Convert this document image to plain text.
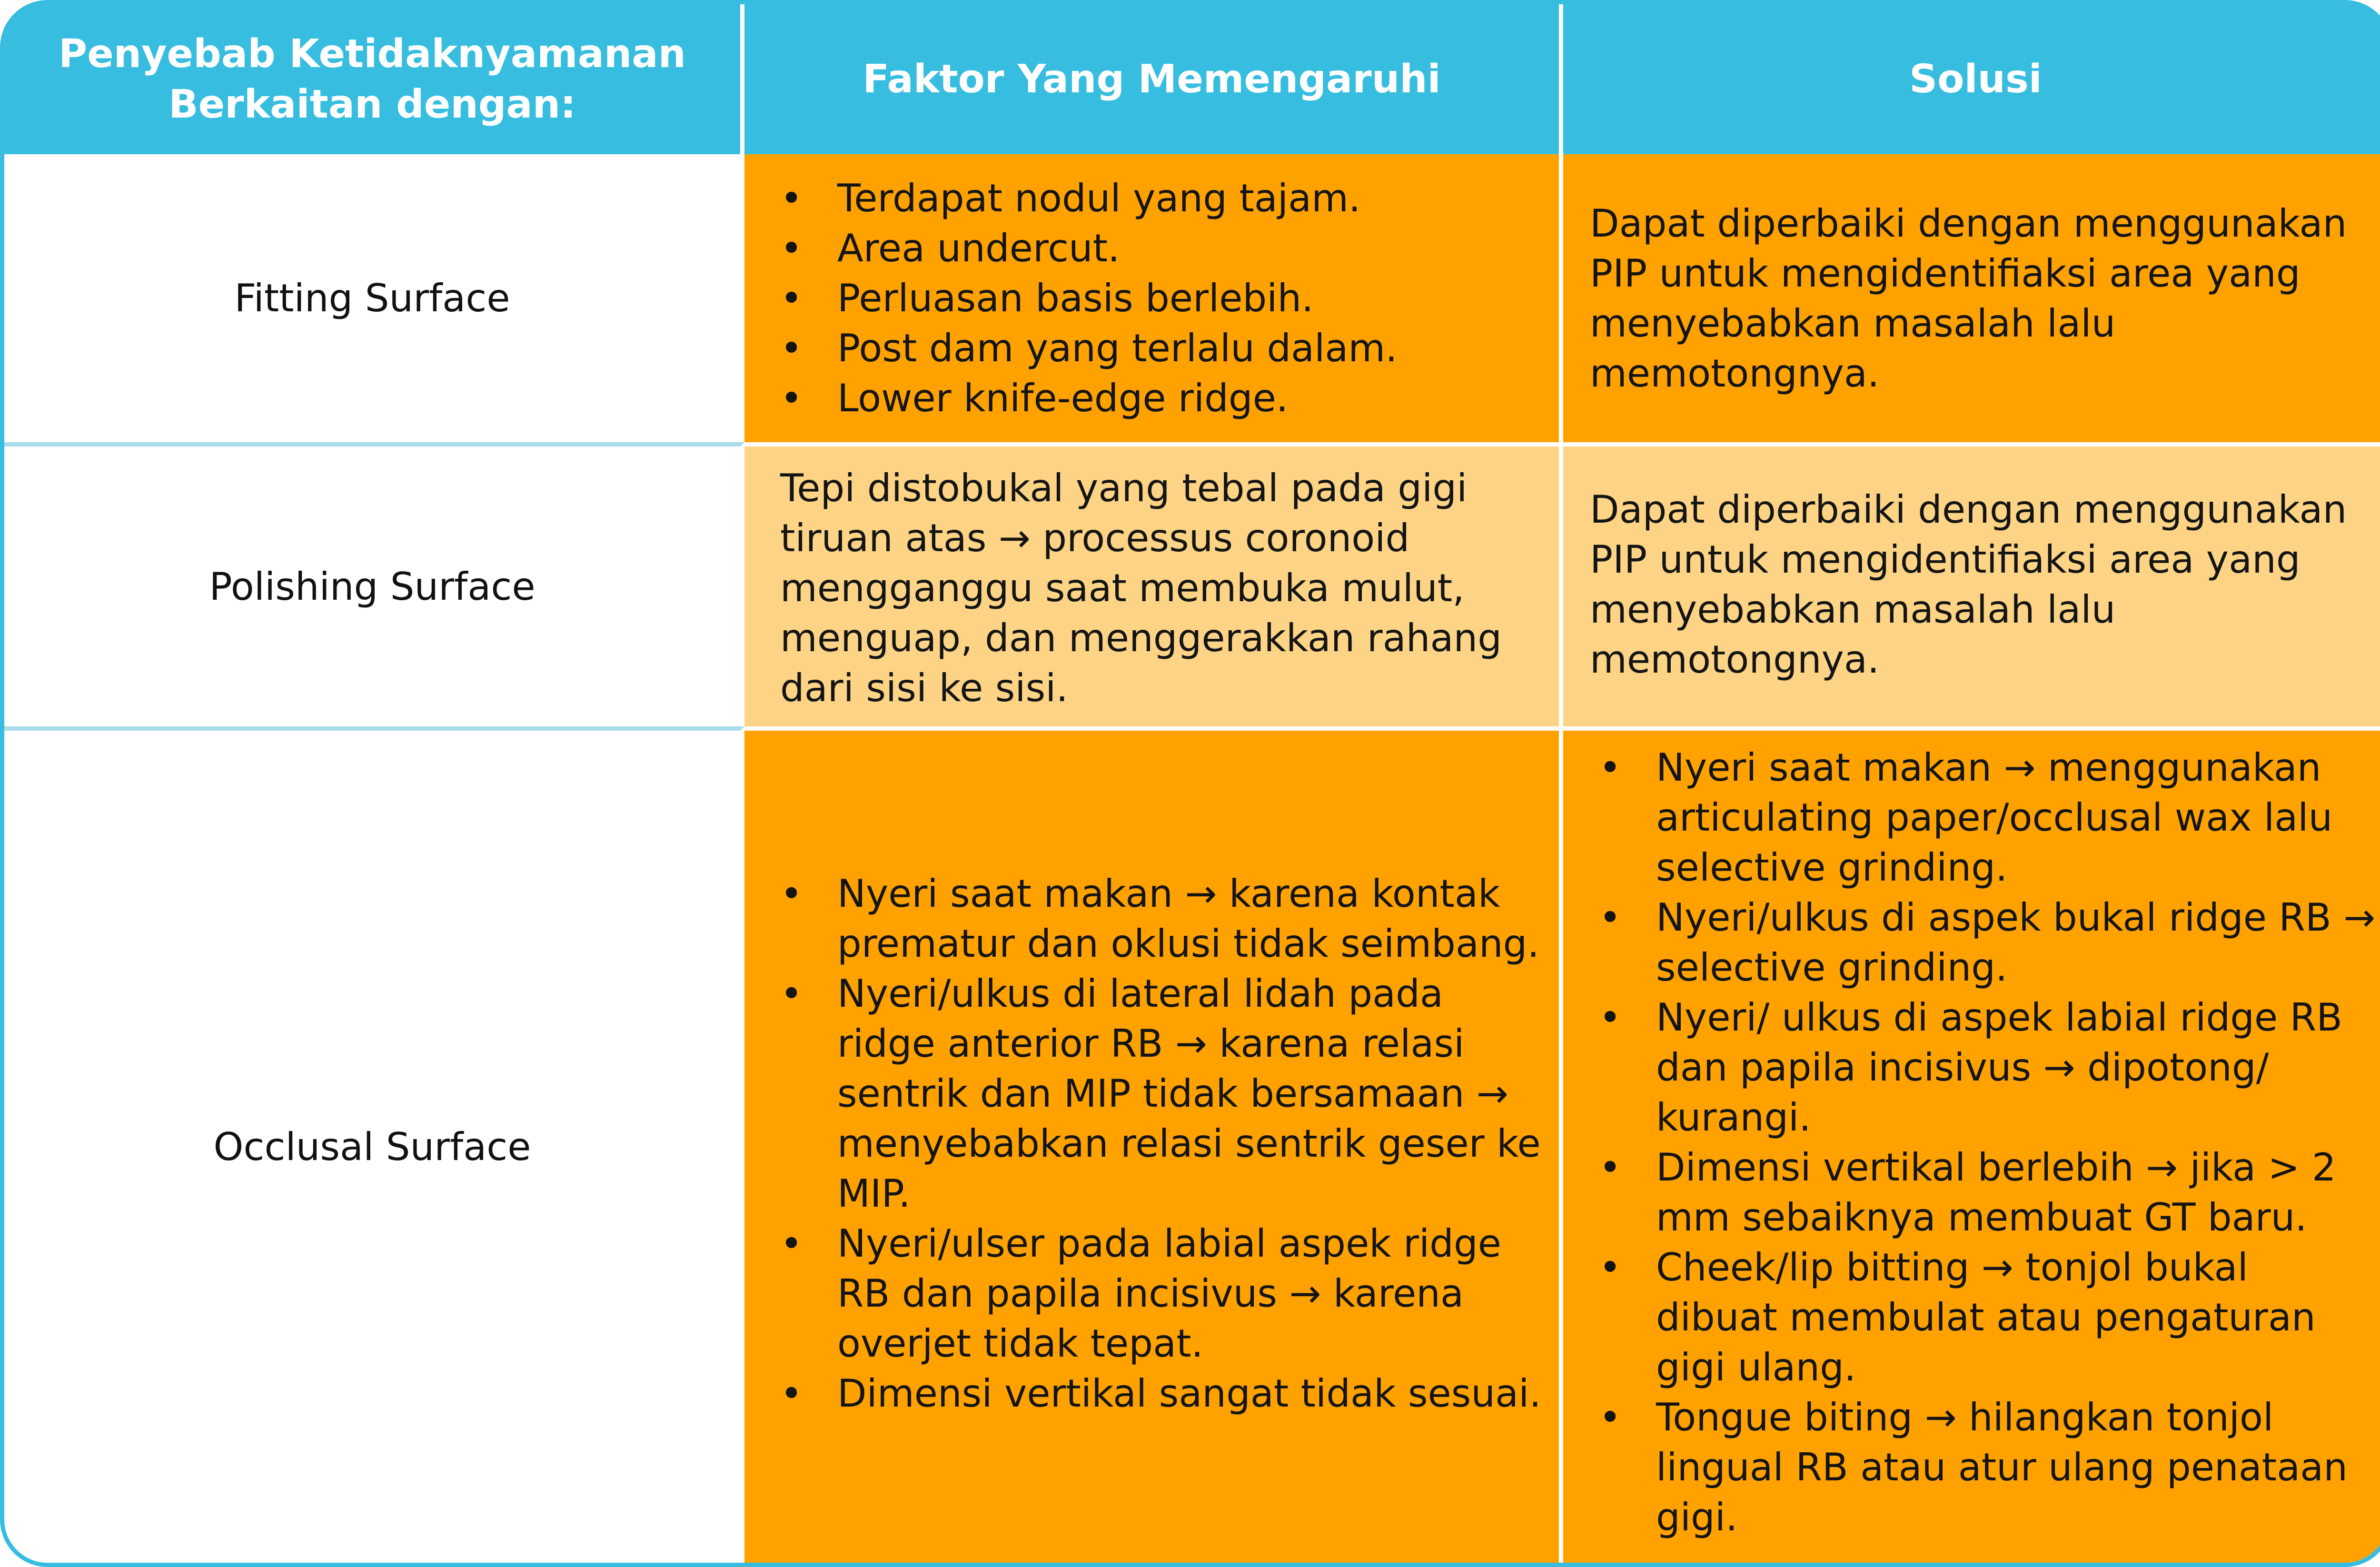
Penyebab Ketidaknyamanan Berkaitan dengan:
Faktor Yang Memengaruhi	Solusi
Fitting Surface
• Terdapat nodul yang tajam.
• Area undercut.
• Perluasan basis berlebih.
• Post dam yang terlalu dalam.
• Lower knife-edge ridge.
Dapat diperbaiki dengan menggunakan PIP untuk mengidentifiaksi area yang menyebabkan masalah lalu memotongnya.
Polishing Surface
Tepi distobukal yang tebal pada gigi tiruan atas → processus coronoid mengganggu saat membuka mulut, menguap, dan menggerakkan rahang dari sisi ke sisi.
Dapat diperbaiki dengan menggunakan PIP untuk mengidentifiaksi area yang menyebabkan masalah lalu memotongnya.
Occlusal Surface
• Nyeri saat makan → karena kontak prematur dan oklusi tidak seimbang.
• Nyeri/ulkus di lateral lidah pada ridge anterior RB → karena relasi sentrik dan MIP tidak bersamaan → menyebabkan relasi sentrik geser ke MIP.
• Nyeri/ulser pada labial aspek ridge RB dan papila incisivus → karena overjet tidak tepat.
• Dimensi vertikal sangat tidak sesuai.
• Nyeri saat makan → menggunakan articulating paper/occlusal wax lalu selective grinding.
• Nyeri/ulkus di aspek bukal ridge RB → selective grinding.
• Nyeri/ ulkus di aspek labial ridge RB dan papila incisivus → dipotong/ kurangi.
• Dimensi vertikal berlebih → jika > 2 mm sebaiknya membuat GT baru.
• Cheek/lip bitting → tonjol bukal dibuat membulat atau pengaturan gigi ulang.
• Tongue biting → hilangkan tonjol lingual RB atau atur ulang penataan gigi.
